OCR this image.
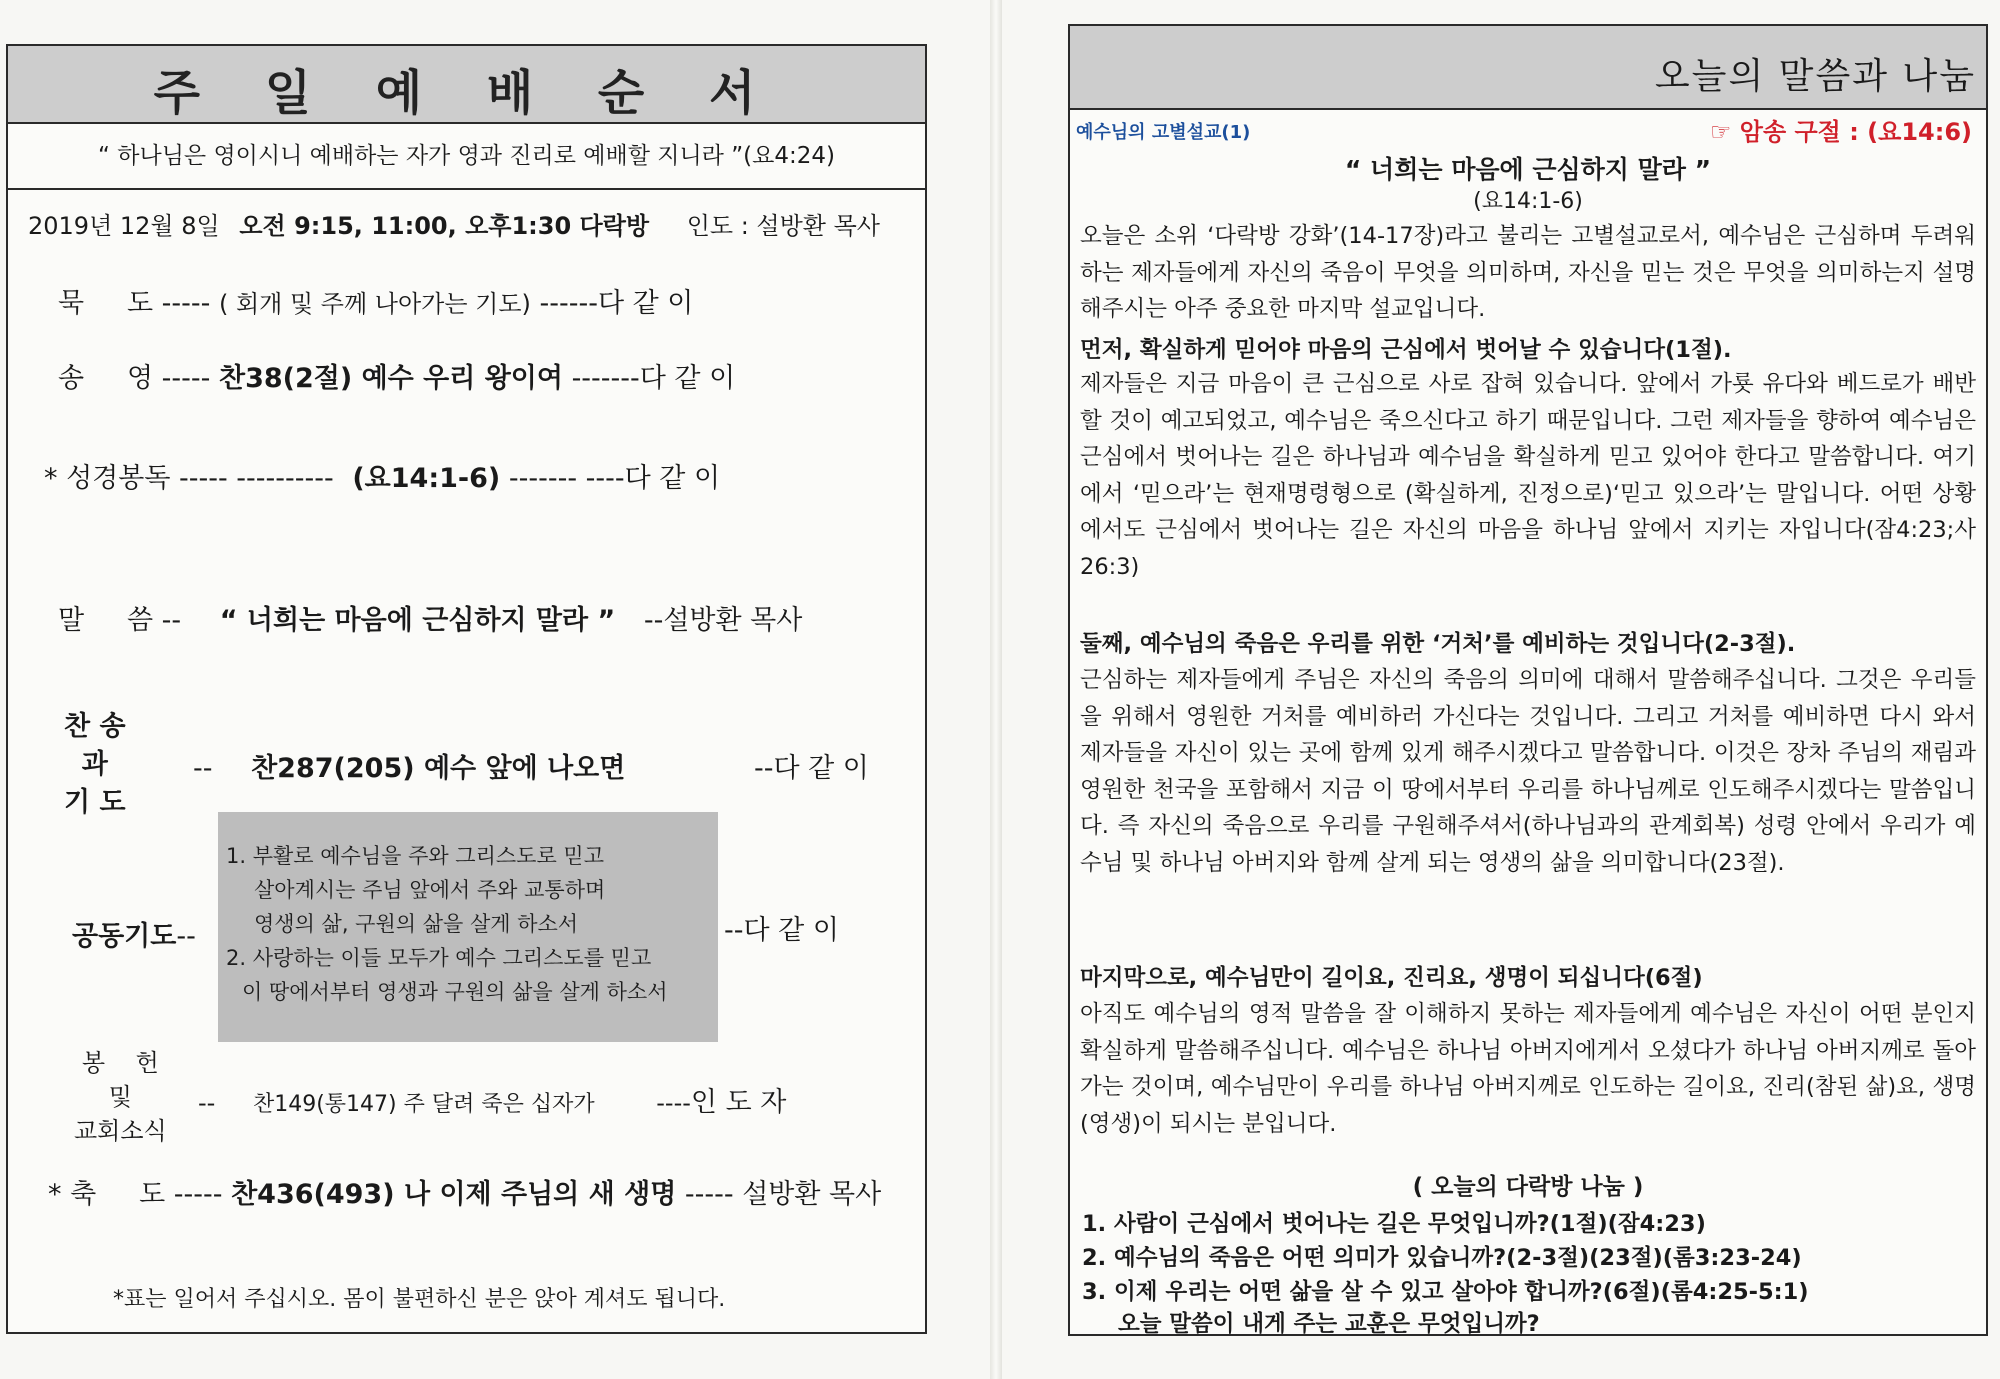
주 일 예 배 순 서
“ 하나님은 영이시니 예배하는 자가 영과 진리로 예배할 지니라 ”(요4:24)
2019년 12월 8일 오전 9:15, 11:00, 오후1:30 다락방 인도 : 설방환 목사
묵     도 ----- ( 회개 및 주께 나아가는 기도) ------다 같 이
송     영 ----- 찬38(2절) 예수 우리 왕이여 -------다 같 이
* 성경봉독 ----- ---------- (요14:1-6) ------- ----다 같 이
말     씀 -- “ 너희는 마음에 근심하지 말라 ” --설방환 목사
찬 송
과
기 도
-- 찬287(205) 예수 앞에 나오면	--다 같 이
1. 부활로 예수님을 주와 그리스도로 믿고
살아계시는 주님 앞에서 주와 교통하며
영생의 삶, 구원의 삶을 살게 하소서
2. 사랑하는 이들 모두가 예수 그리스도를 믿고
이 땅에서부터 영생과 구원의 삶을 살게 하소서
공동기도--	--다 같 이
봉    헌
및
교회소식
-- 찬149(통147) 주 달려 죽은 십자가	----인 도 자
* 축     도 ----- 찬436(493) 나 이제 주님의 새 생명 ----- 설방환 목사
*표는 일어서 주십시오. 몸이 불편하신 분은 앉아 계셔도 됩니다.
오늘의 말씀과 나눔
예수님의 고별설교(1)	☞ 암송 구절 : (요14:6)
“ 너희는 마음에 근심하지 말라 ”
(요14:1-6)
오늘은 소위 ‘다락방 강화’(14-17장)라고 불리는 고별설교로서, 예수님은 근심하며 두려워하는 제자들에게 자신의 죽음이 무엇을 의미하며, 자신을 믿는 것은 무엇을 의미하는지 설명해주시는 아주 중요한 마지막 설교입니다.
먼저, 확실하게 믿어야 마음의 근심에서 벗어날 수 있습니다(1절).
제자들은 지금 마음이 큰 근심으로 사로 잡혀 있습니다. 앞에서 가룟 유다와 베드로가 배반할 것이 예고되었고, 예수님은 죽으신다고 하기 때문입니다. 그런 제자들을 향하여 예수님은 근심에서 벗어나는 길은 하나님과 예수님을 확실하게 믿고 있어야 한다고 말씀합니다. 여기에서 ‘믿으라’는 현재명령형으로 (확실하게, 진정으로)‘믿고 있으라’는 말입니다. 어떤 상황에서도 근심에서 벗어나는 길은 자신의 마음을 하나님 앞에서 지키는 자입니다(잠4:23;사26:3)
둘째, 예수님의 죽음은 우리를 위한 ‘거처’를 예비하는 것입니다(2-3절).
근심하는 제자들에게 주님은 자신의 죽음의 의미에 대해서 말씀해주십니다. 그것은 우리들을 위해서 영원한 거처를 예비하러 가신다는 것입니다. 그리고 거처를 예비하면 다시 와서 제자들을 자신이 있는 곳에 함께 있게 해주시겠다고 말씀합니다. 이것은 장차 주님의 재림과 영원한 천국을 포함해서 지금 이 땅에서부터 우리를 하나님께로 인도해주시겠다는 말씀입니다. 즉 자신의 죽음으로 우리를 구원해주셔서(하나님과의 관계회복) 성령 안에서 우리가 예수님 및 하나님 아버지와 함께 살게 되는 영생의 삶을 의미합니다(23절).
마지막으로, 예수님만이 길이요, 진리요, 생명이 되십니다(6절)
아직도 예수님의 영적 말씀을 잘 이해하지 못하는 제자들에게 예수님은 자신이 어떤 분인지 확실하게 말씀해주십니다. 예수님은 하나님 아버지에게서 오셨다가 하나님 아버지께로 돌아가는 것이며, 예수님만이 우리를 하나님 아버지께로 인도하는 길이요, 진리(참된 삶)요, 생명(영생)이 되시는 분입니다.
( 오늘의 다락방 나눔 )
1. 사람이 근심에서 벗어나는 길은 무엇입니까?(1절)(잠4:23)
2. 예수님의 죽음은 어떤 의미가 있습니까?(2-3절)(23절)(롬3:23-24)
3. 이제 우리는 어떤 삶을 살 수 있고 살아야 합니까?(6절)(롬4:25-5:1)
오늘 말씀이 내게 주는 교훈은 무엇입니까?
